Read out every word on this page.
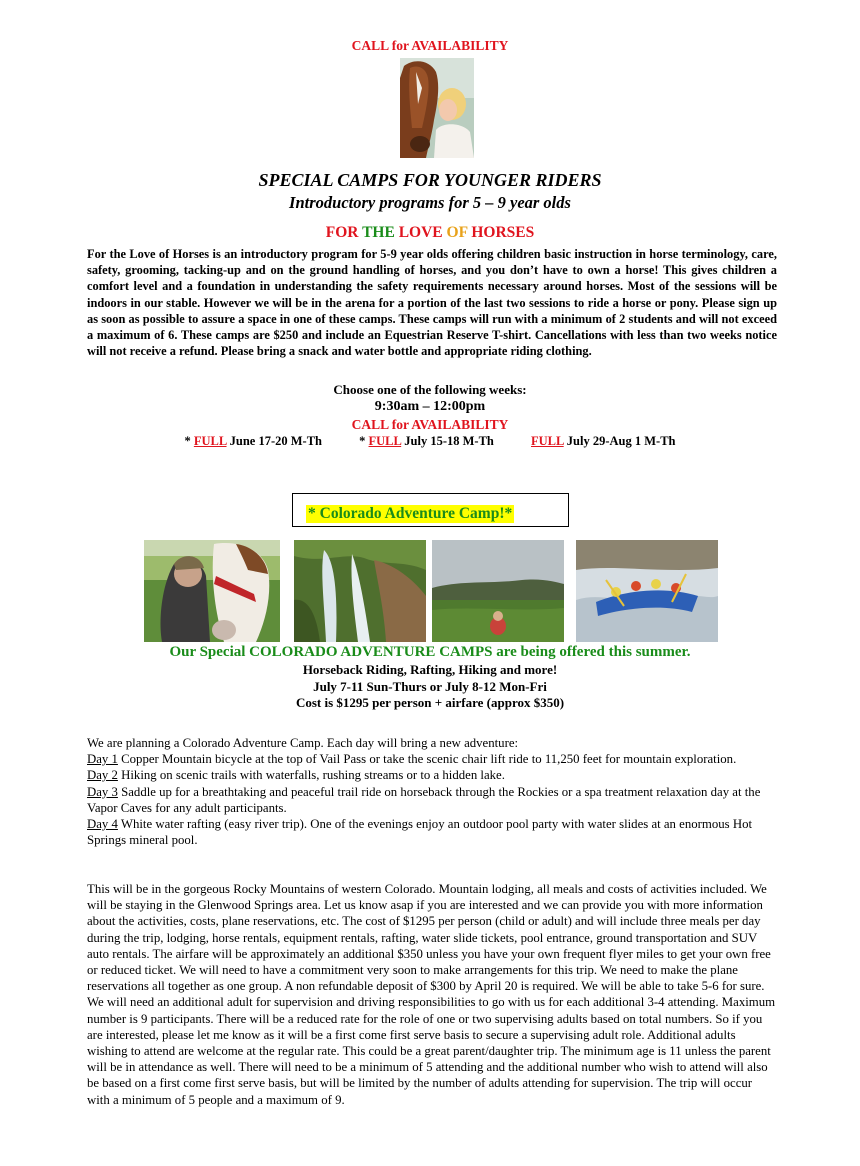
CALL for AVAILABILITY
SPECIAL CAMPS FOR YOUNGER RIDERS
Introductory programs for 5 – 9 year olds
FOR THE LOVE OF HORSES
For the Love of Horses is an introductory program for 5-9 year olds offering children basic instruction in horse terminology, care, safety, grooming, tacking-up and on the ground handling of horses, and you don’t have to own a horse! This gives children a comfort level and a foundation in understanding the safety requirements necessary around horses. Most of the sessions will be indoors in our stable. However we will be in the arena for a portion of the last two sessions to ride a horse or pony. Please sign up as soon as possible to assure a space in one of these camps. These camps will run with a minimum of 2 students and will not exceed a maximum of 6. These camps are $250 and include an Equestrian Reserve T-shirt. Cancellations with less than two weeks notice will not receive a refund. Please bring a snack and water bottle and appropriate riding clothing.
Choose one of the following weeks:
9:30am – 12:00pm
CALL for AVAILABILITY
* FULL June 17-20 M-Th	* FULL July 15-18 M-Th	FULL July 29-Aug 1 M-Th
* Colorado Adventure Camp!*
Our Special COLORADO ADVENTURE CAMPS are being offered this summer.
Horseback Riding, Rafting, Hiking and more!
July 7-11 Sun-Thurs or July 8-12 Mon-Fri
Cost is $1295 per person + airfare (approx $350)

We are planning a Colorado Adventure Camp. Each day will bring a new adventure:

Day 1 Copper Mountain bicycle at the top of Vail Pass or take the scenic chair lift ride to 11,250 feet for mountain exploration.

Day 2 Hiking on scenic trails with waterfalls, rushing streams or to a hidden lake.

Day 3 Saddle up for a breathtaking and peaceful trail ride on horseback through the Rockies or a spa treatment relaxation day at the Vapor Caves for any adult participants.

Day 4 White water rafting (easy river trip). One of the evenings enjoy an outdoor pool party with water slides at an enormous Hot Springs mineral pool.

This will be in the gorgeous Rocky Mountains of western Colorado. Mountain lodging, all meals and costs of activities included. We will be staying in the Glenwood Springs area. Let us know asap if you are interested and we can provide you with more information about the activities, costs, plane reservations, etc. The cost of $1295 per person (child or adult) and will include three meals per day during the trip, lodging, horse rentals, equipment rentals, rafting, water slide tickets, pool entrance, ground transportation and SUV auto rentals. The airfare will be approximately an additional $350 unless you have your own frequent flyer miles to get your own free or reduced ticket. We will need to have a commitment very soon to make arrangements for this trip. We need to make the plane reservations all together as one group. A non refundable deposit of $300 by April 20 is required. We will be able to take 5-6 for sure. We will need an additional adult for supervision and driving responsibilities to go with us for each additional 3-4 attending. Maximum number is 9 participants. There will be a reduced rate for the role of one or two supervising adults based on total numbers. So if you are interested, please let me know as it will be a first come first serve basis to secure a supervising adult role. Additional adults wishing to attend are welcome at the regular rate. This could be a great parent/daughter trip. The minimum age is 11 unless the parent will be in attendance as well. There will need to be a minimum of 5 attending and the additional number who wish to attend will also be based on a first come first serve basis, but will be limited by the number of adults attending for supervision. The trip will occur with a minimum of 5 people and a maximum of 9.
